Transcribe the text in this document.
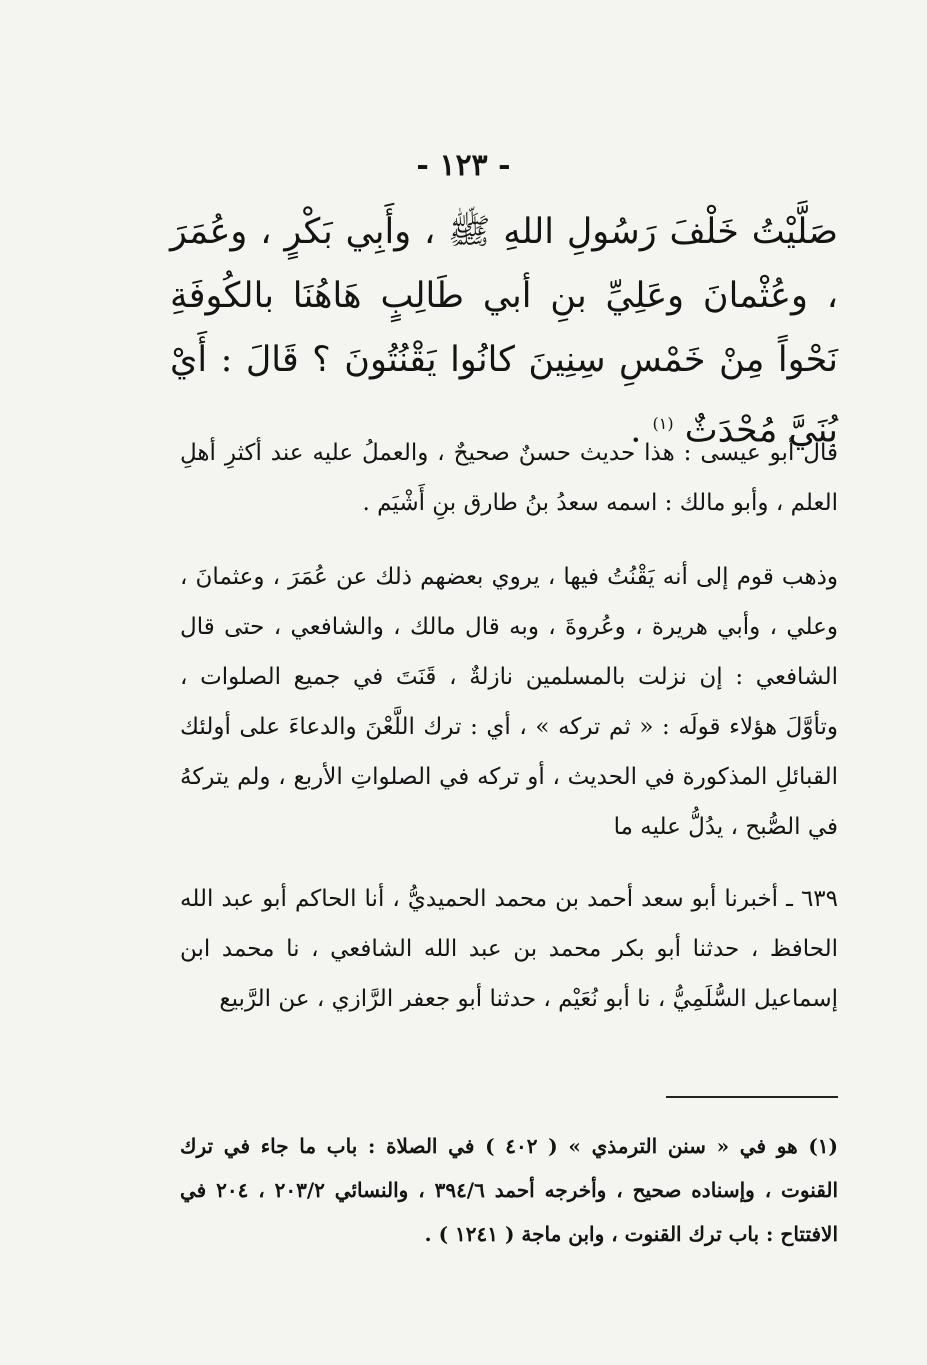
- ١٢٣ -
صَلَّيْتُ خَلْفَ رَسُولِ اللهِ ﷺ ، وأَبِي بَكْرٍ ، وعُمَرَ ، وعُثْمانَ وعَلِيِّ بنِ أبي طَالِبٍ هَاهُنَا بالكُوفَةِ نَحْواً مِنْ خَمْسِ سِنِينَ كانُوا يَقْنُتُونَ ؟ قَالَ : أَيْ بُنَيَّ مُحْدَثٌ $^{(١)}$ .
قال أبو عيسى : هذا حديث حسنٌ صحيحٌ ، والعملُ عليه عند أكثرِ أهلِ العلم ، وأبو مالك : اسمه سعدُ بنُ طارق بنِ أَشْيَم .
وذهب قوم إلى أنه يَقْنُتُ فيها ، يروي بعضهم ذلك عن عُمَرَ ، وعثمانَ ، وعلي ، وأبي هريرة ، وعُروةَ ، وبه قال مالك ، والشافعي ، حتى قال الشافعي : إن نزلت بالمسلمين نازلةٌ ، قَنَتَ في جميع الصلوات ، وتأوَّلَ هؤلاء قولَه : « ثم تركه » ، أي : ترك اللَّعْنَ والدعاءَ على أولئك القبائلِ المذكورة في الحديث ، أو تركه في الصلواتِ الأربع ، ولم يتركهُ في الصُّبح ، يدُلُّ عليه ما
٦٣٩ ـ أخبرنا أبو سعد أحمد بن محمد الحميديُّ ، أنا الحاكم أبو عبد الله الحافظ ، حدثنا أبو بكر محمد بن عبد الله الشافعي ، نا محمد ابن إسماعيل السُّلَمِيُّ ، نا أبو نُعَيْم ، حدثنا أبو جعفر الرَّازي ، عن الرَّبيع
(١) هو في « سنن الترمذي » ( ٤٠٢ ) في الصلاة : باب ما جاء في ترك القنوت ، وإسناده صحيح ، وأخرجه أحمد ٣٩٤/٦ ، والنسائي ٢٠٣/٢ ، ٢٠٤ في الافتتاح : باب ترك القنوت ، وابن ماجة ( ١٢٤١ ) .
